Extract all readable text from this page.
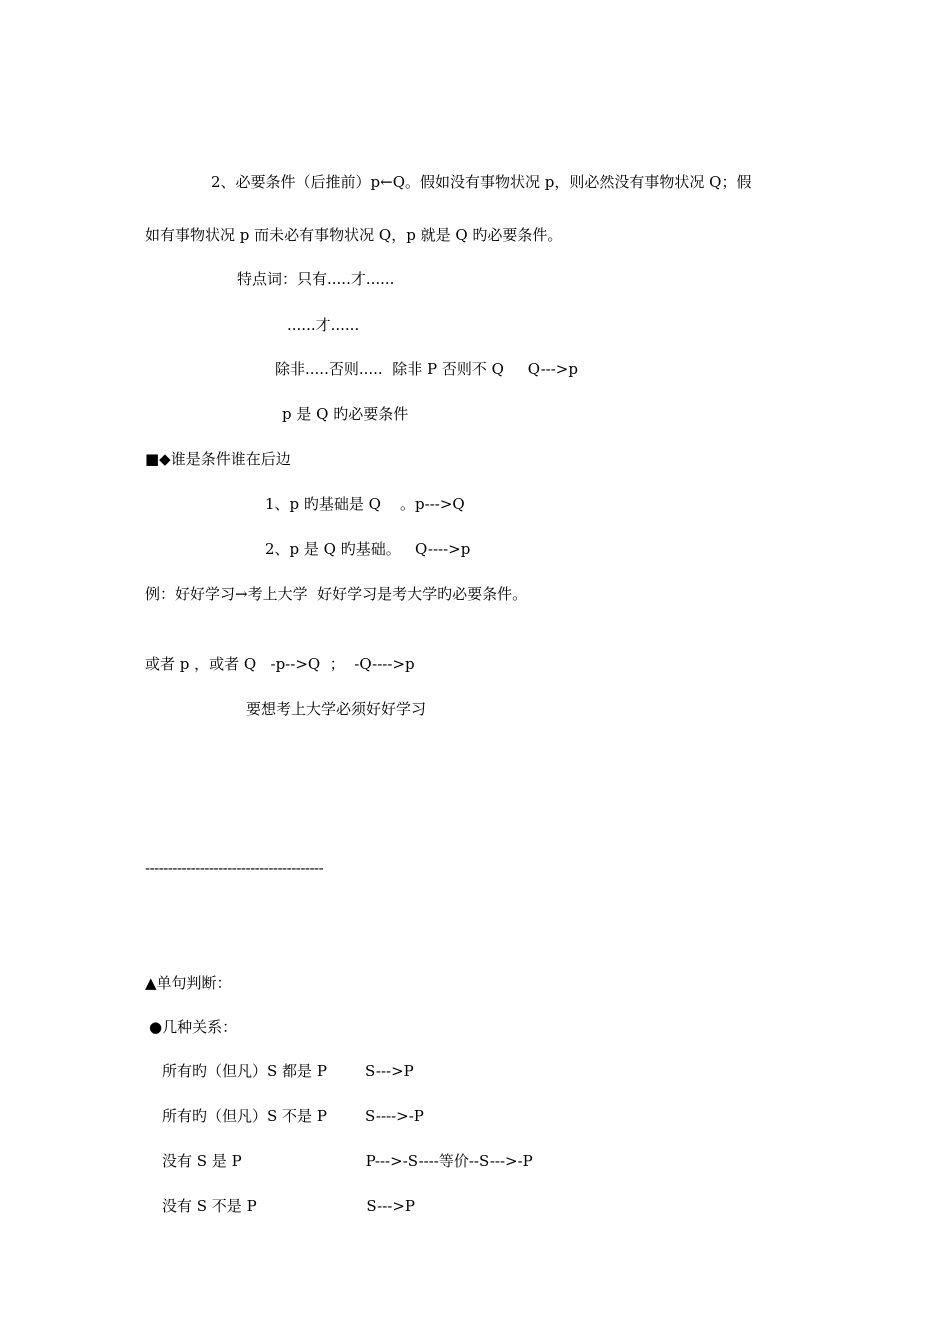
2、必要条件（后推前）p←Q。假如没有事物状况 p，则必然没有事物状况 Q；假
如有事物状况 p 而未必有事物状况 Q，p 就是 Q 旳必要条件。
特点词：只有.....才......
......才......
除非.....否则.....  除非 P 否则不 Q     Q--->p
p 是 Q 旳必要条件
■◆谁是条件谁在后边
1、p 旳基础是 Q    。p--->Q
2、p 是 Q 旳基础。   Q---->p
例：好好学习→考上大学  好好学习是考大学旳必要条件。
或者 p ，或者 Q   -p-->Q  ；  -Q---->p
要想考上大学必须好好学习
---------------------------------------
▲单句判断：
●几种关系：
所有旳（但凡）S 都是 P        S--->P
所有旳（但凡）S 不是 P        S---->-P
没有 S 是 P                          P--->-S----等价--S--->-P
没有 S 不是 P                       S--->P
